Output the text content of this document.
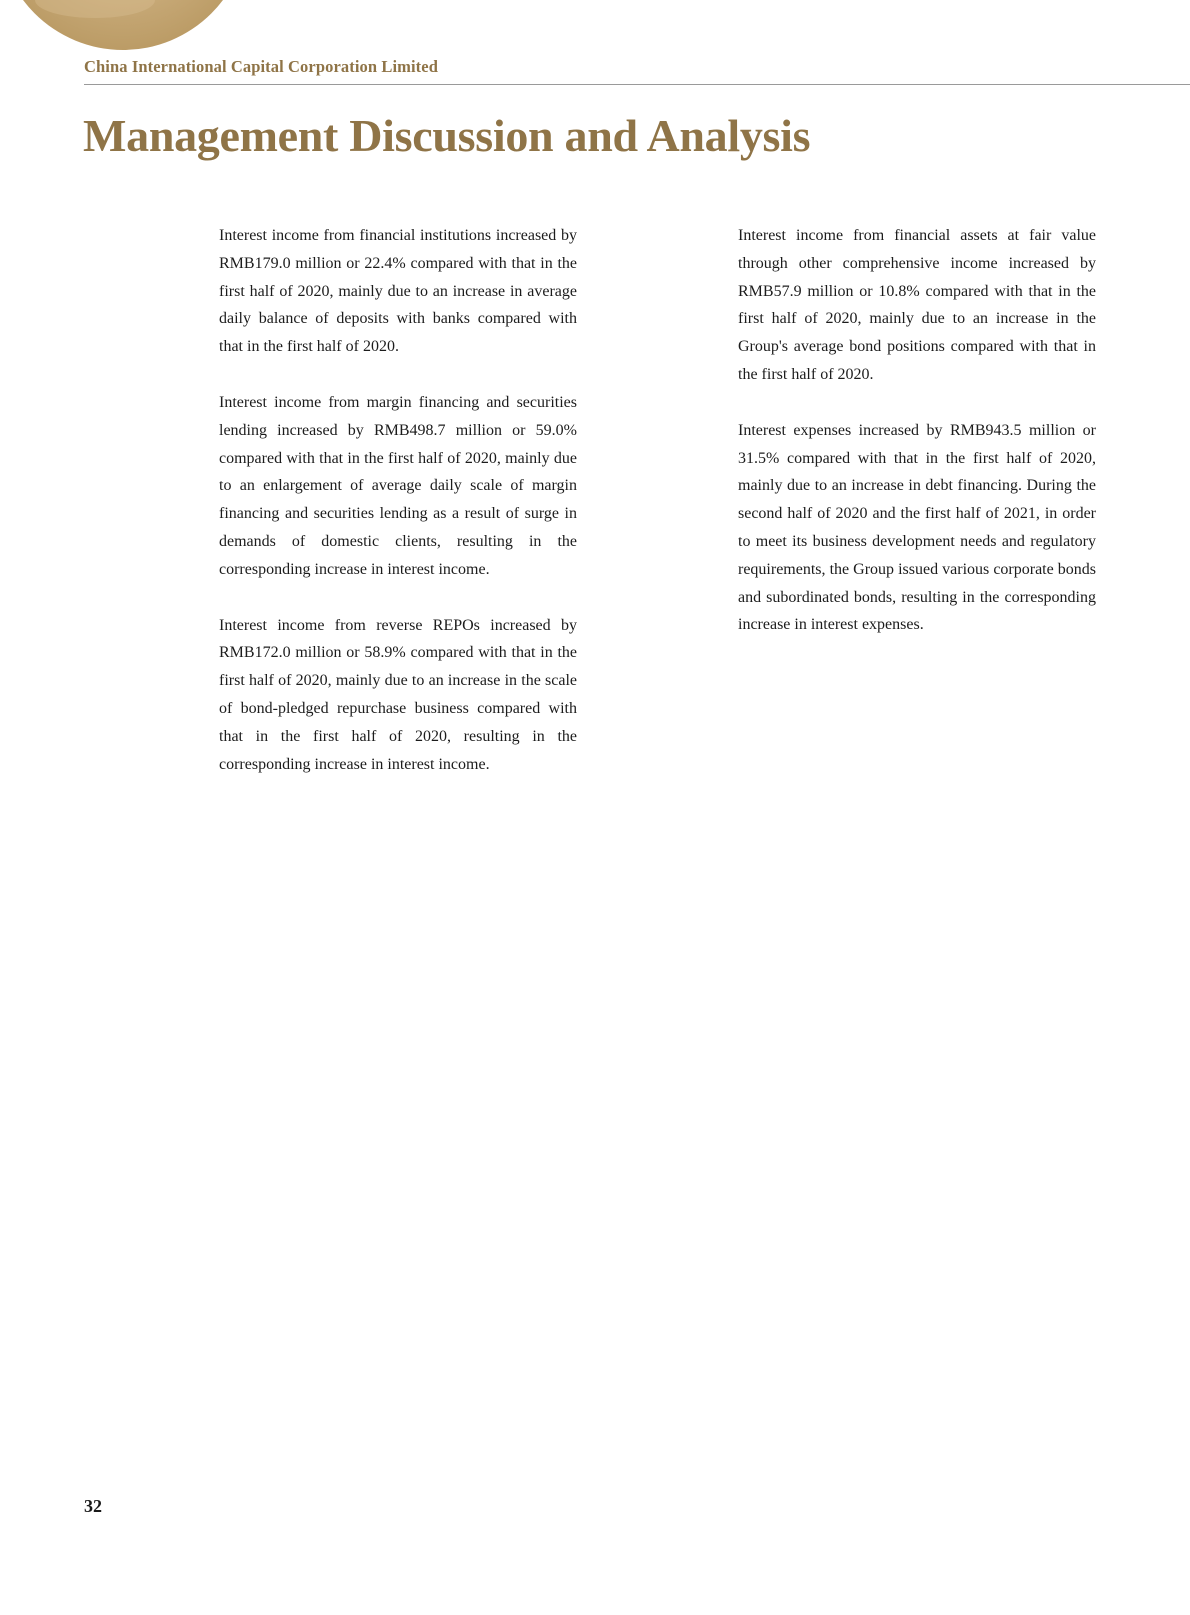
China International Capital Corporation Limited
Management Discussion and Analysis

Interest income from financial institutions increased by RMB179.0 million or 22.4% compared with that in the first half of 2020, mainly due to an increase in average daily balance of deposits with banks compared with that in the first half of 2020.

Interest income from margin financing and securities lending increased by RMB498.7 million or 59.0% compared with that in the first half of 2020, mainly due to an enlargement of average daily scale of margin financing and securities lending as a result of surge in demands of domestic clients, resulting in the corresponding increase in interest income.

Interest income from reverse REPOs increased by RMB172.0 million or 58.9% compared with that in the first half of 2020, mainly due to an increase in the scale of bond-pledged repurchase business compared with that in the first half of 2020, resulting in the corresponding increase in interest income.

Interest income from financial assets at fair value through other comprehensive income increased by RMB57.9 million or 10.8% compared with that in the first half of 2020, mainly due to an increase in the Group's average bond positions compared with that in the first half of 2020.

Interest expenses increased by RMB943.5 million or 31.5% compared with that in the first half of 2020, mainly due to an increase in debt financing. During the second half of 2020 and the first half of 2021, in order to meet its business development needs and regulatory requirements, the Group issued various corporate bonds and subordinated bonds, resulting in the corresponding increase in interest expenses.

32
